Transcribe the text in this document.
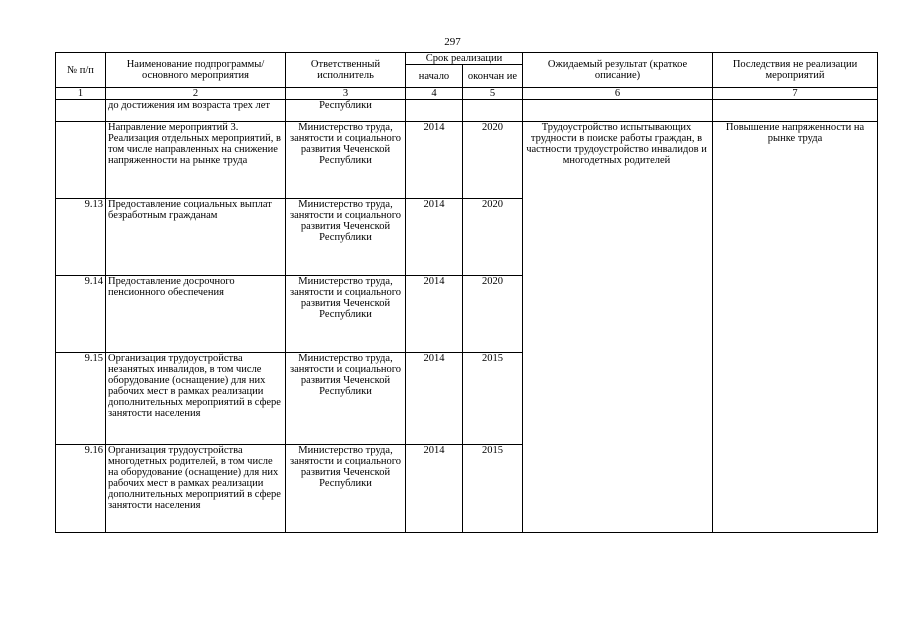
297
№ п/п	Наименование подпрограммы/ основного мероприятия	Ответственный исполнитель	Срок реализации		Ожидаемый результат (краткое описание)	Последствия не реализации мероприятий
			начало	окончан ие		
1	2	3	4	5	6	7
	до достижения им возраста трех лет	Республики				
	Направление мероприятий 3. Реализация отдельных мероприятий, в том числе направленных на снижение напряженности на рынке труда	Министерство труда, занятости и социального развития Чеченской Республики	2014	2020	Трудоустройство испытывающих трудности в поиске работы граждан, в частности трудоустройство инвалидов и многодетных родителей	Повышение напряженности на рынке труда
9.13	Предоставление социальных выплат безработным гражданам	Министерство труда, занятости и социального развития Чеченской Республики	2014	2020		
9.14	Предоставление досрочного пенсионного обеспечения	Министерство труда, занятости и социального развития Чеченской Республики	2014	2020		
9.15	Организация трудоустройства незанятых инвалидов, в том числе оборудование (оснащение) для них рабочих мест в рамках реализации дополнительных мероприятий в сфере занятости населения	Министерство труда, занятости и социального развития Чеченской Республики	2014	2015		
9.16	Организация трудоустройства многодетных родителей, в том числе на оборудование (оснащение) для них рабочих мест в рамках реализации дополнительных мероприятий в сфере занятости населения	Министерство труда, занятости и социального развития Чеченской Республики	2014	2015		
